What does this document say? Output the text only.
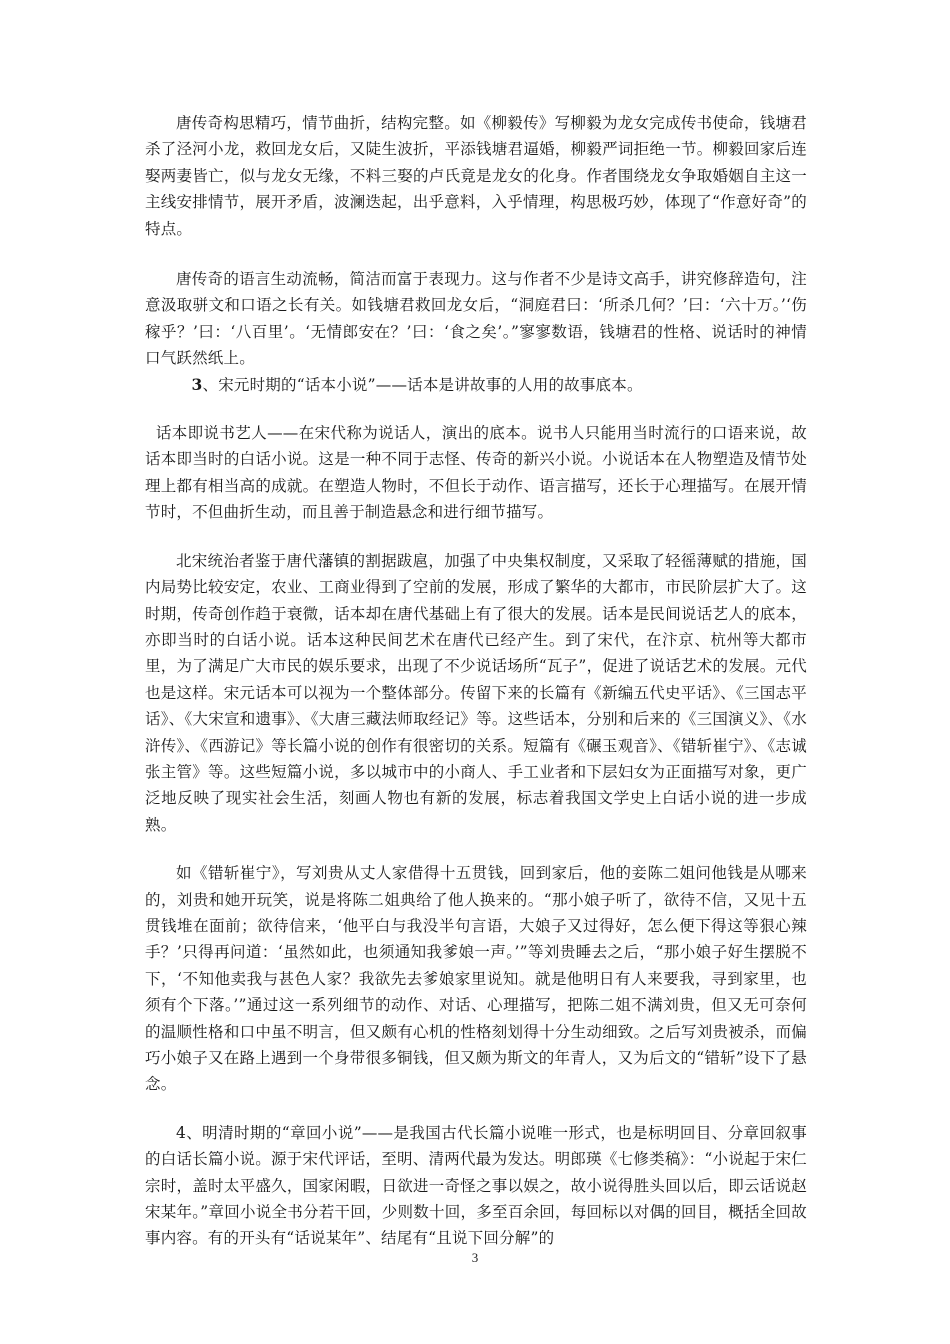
唐传奇构思精巧，情节曲折，结构完整。如《柳毅传》写柳毅为龙女完成传书使命，钱塘君杀了泾河小龙，救回龙女后，又陡生波折，平添钱塘君逼婚，柳毅严词拒绝一节。柳毅回家后连娶两妻皆亡，似与龙女无缘，不料三娶的卢氏竟是龙女的化身。作者围绕龙女争取婚姻自主这一主线安排情节，展开矛盾，波澜迭起，出乎意料，入乎情理，构思极巧妙，体现了“作意好奇”的特点。

唐传奇的语言生动流畅，简洁而富于表现力。这与作者不少是诗文高手，讲究修辞造句，注意汲取骈文和口语之长有关。如钱塘君救回龙女后，“洞庭君曰：‘所杀几何？’曰：‘六十万。’‘伤稼乎？’曰：‘八百里’。‘无情郎安在？’曰：‘食之矣’。”寥寥数语，钱塘君的性格、说话时的神情口气跃然纸上。

3、宋元时期的“话本小说”——话本是讲故事的人用的故事底本。

话本即说书艺人——在宋代称为说话人，演出的底本。说书人只能用当时流行的口语来说，故话本即当时的白话小说。这是一种不同于志怪、传奇的新兴小说。小说话本在人物塑造及情节处理上都有相当高的成就。在塑造人物时，不但长于动作、语言描写，还长于心理描写。在展开情节时，不但曲折生动，而且善于制造悬念和进行细节描写。

北宋统治者鉴于唐代藩镇的割据跋扈，加强了中央集权制度，又采取了轻徭薄赋的措施，国内局势比较安定，农业、工商业得到了空前的发展，形成了繁华的大都市，市民阶层扩大了。这时期，传奇创作趋于衰微，话本却在唐代基础上有了很大的发展。话本是民间说话艺人的底本，亦即当时的白话小说。话本这种民间艺术在唐代已经产生。到了宋代，在汴京、杭州等大都市里，为了满足广大市民的娱乐要求，出现了不少说话场所“瓦子”，促进了说话艺术的发展。元代也是这样。宋元话本可以视为一个整体部分。传留下来的长篇有《新编五代史平话》、《三国志平话》、《大宋宣和遗事》、《大唐三藏法师取经记》等。这些话本，分别和后来的《三国演义》、《水浒传》、《西游记》等长篇小说的创作有很密切的关系。短篇有《碾玉观音》、《错斩崔宁》、《志诚张主管》等。这些短篇小说，多以城市中的小商人、手工业者和下层妇女为正面描写对象，更广泛地反映了现实社会生活，刻画人物也有新的发展，标志着我国文学史上白话小说的进一步成熟。

如《错斩崔宁》，写刘贵从丈人家借得十五贯钱，回到家后，他的妾陈二姐问他钱是从哪来的，刘贵和她开玩笑，说是将陈二姐典给了他人换来的。“那小娘子听了，欲待不信，又见十五贯钱堆在面前；欲待信来，‘他平白与我没半句言语，大娘子又过得好，怎么便下得这等狠心辣手？’只得再问道：‘虽然如此，也须通知我爹娘一声。’”等刘贵睡去之后，“那小娘子好生摆脱不下，‘不知他卖我与甚色人家？我欲先去爹娘家里说知。就是他明日有人来要我，寻到家里，也须有个下落。’”通过这一系列细节的动作、对话、心理描写，把陈二姐不满刘贵，但又无可奈何的温顺性格和口中虽不明言，但又颇有心机的性格刻划得十分生动细致。之后写刘贵被杀，而偏巧小娘子又在路上遇到一个身带很多铜钱，但又颇为斯文的年青人，又为后文的“错斩”设下了悬念。

4、明清时期的“章回小说”——是我国古代长篇小说唯一形式，也是标明回目、分章回叙事的白话长篇小说。源于宋代评话，至明、清两代最为发达。明郎瑛《七修类稿》：“小说起于宋仁宗时，盖时太平盛久，国家闲暇，日欲进一奇怪之事以娱之，故小说得胜头回以后，即云话说赵宋某年。”章回小说全书分若干回，少则数十回，多至百余回，每回标以对偶的回目，概括全回故事内容。有的开头有“话说某年”、结尾有“且说下回分解”的

3
